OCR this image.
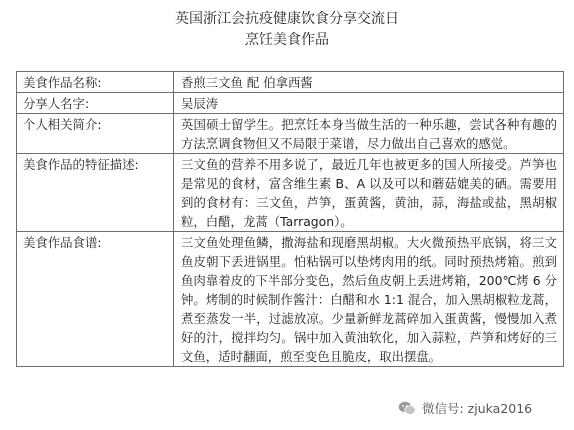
英国浙江会抗疫健康饮食分享交流日
烹饪美食作品
美食作品名称:	香煎三文鱼 配 伯拿西酱
分享人名字:	吴辰涛
个人相关简介:	英国硕士留学生。把烹饪本身当做生活的一种乐趣，尝试各种有趣的方法烹调食物但又不局限于菜谱，尽力做出自己喜欢的感觉。
美食作品的特征描述:	三文鱼的营养不用多说了，最近几年也被更多的国人所接受。芦笋也是常见的食材，富含维生素 B、A 以及可以和蘑菇媲美的硒。需要用到的食材有：三文鱼，芦笋，蛋黄酱，黄油，蒜，海盐或盐，黑胡椒粒，白醋，龙蒿（Tarragon）。
美食作品食谱:	三文鱼处理鱼鳞，撒海盐和现磨黑胡椒。大火微预热平底锅，将三文鱼皮朝下丢进锅里。怕粘锅可以垫烤肉用的纸。同时预热烤箱。煎到鱼肉靠着皮的下半部分变色，然后鱼皮朝上丢进烤箱，200℃烤 6 分钟。烤制的时候制作酱汁：白醋和水 1:1 混合，加入黑胡椒粒龙蒿，煮至蒸发一半，过滤放凉。少量新鲜龙蒿碎加入蛋黄酱，慢慢加入煮好的汁，搅拌均匀。锅中加入黄油软化，加入蒜粒，芦笋和烤好的三文鱼，适时翻面，煎至变色且脆皮，取出摆盘。
微信号: zjuka2016
